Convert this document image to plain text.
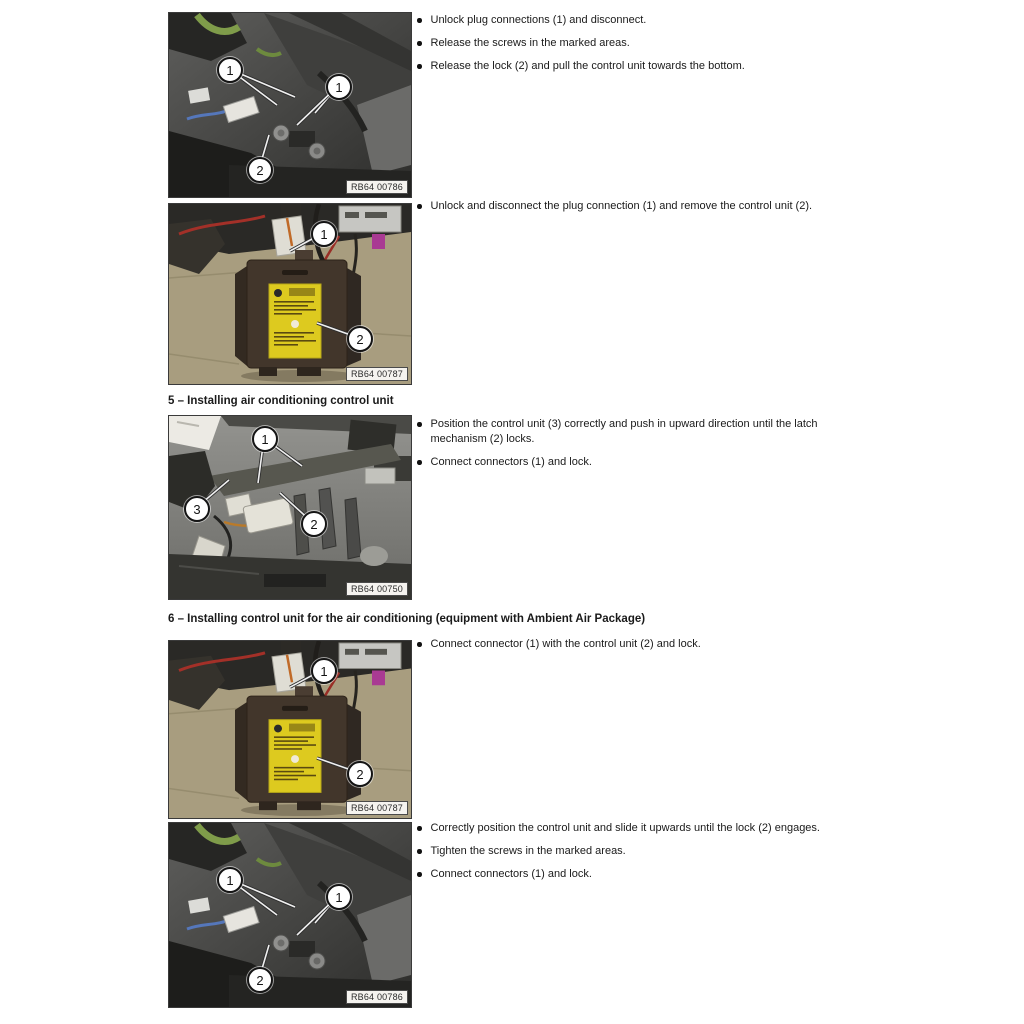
1
1
2
RB64 00786
Unlock plug connections (1) and disconnect.
Release the screws in the marked areas.
Release the lock (2) and pull the control unit towards the bottom.
1
2
RB64 00787
Unlock and disconnect the plug connection (1) and remove the control unit (2).
5 – Installing air conditioning control unit
1
3
2
RB64 00750
Position the control unit (3) correctly and push in upward direction until the latch mechanism (2) locks.
Connect connectors (1) and lock.
6 – Installing control unit for the air conditioning (equipment with Ambient Air Package)
1
2
RB64 00787
Connect connector (1) with the control unit (2) and lock.
1
1
2
RB64 00786
Correctly position the control unit and slide it upwards until the lock (2) engages.
Tighten the screws in the marked areas.
Connect connectors (1) and lock.
